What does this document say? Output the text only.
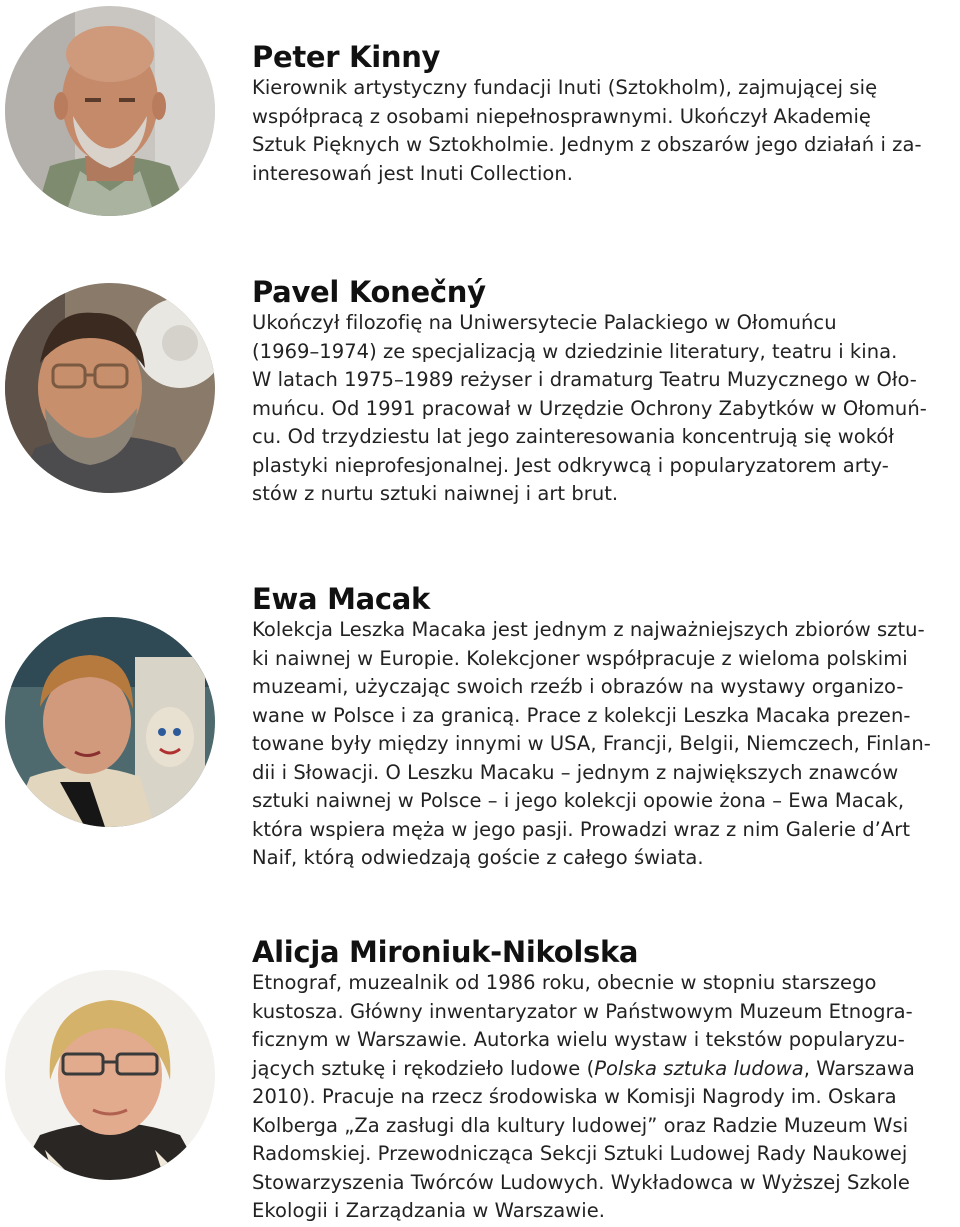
Peter Kinny

Kierownik artystyczny fundacji Inuti (Sztokholm), zajmującej się
współpracą z osobami niepełnosprawnymi. Ukończył Akademię
Sztuk Pięknych w Sztokholmie. Jednym z obszarów jego działań i za-
interesowań jest Inuti Collection.

Pavel Konečný

Ukończył filozofię na Uniwersytecie Palackiego w Ołomuńcu
(1969–1974) ze specjalizacją w dziedzinie literatury, teatru i kina.
W latach 1975–1989 reżyser i dramaturg Teatru Muzycznego w Oło-
muńcu. Od 1991 pracował w Urzędzie Ochrony Zabytków w Ołomuń-
cu. Od trzydziestu lat jego zainteresowania koncentrują się wokół
plastyki nieprofesjonalnej. Jest odkrywcą i popularyzatorem arty-
stów z nurtu sztuki naiwnej i art brut.

Ewa Macak

Kolekcja Leszka Macaka jest jednym z najważniejszych zbiorów sztu-
ki naiwnej w Europie. Kolekcjoner współpracuje z wieloma polskimi
muzeami, użyczając swoich rzeźb i obrazów na wystawy organizo-
wane w Polsce i za granicą. Prace z kolekcji Leszka Macaka prezen-
towane były między innymi w USA, Francji, Belgii, Niemczech, Finlan-
dii i Słowacji. O Leszku Macaku – jednym z największych znawców
sztuki naiwnej w Polsce – i jego kolekcji opowie żona – Ewa Macak,
która wspiera męża w jego pasji. Prowadzi wraz z nim Galerie d’Art
Naif, którą odwiedzają goście z całego świata.

Alicja Mironiuk-Nikolska

Etnograf, muzealnik od 1986 roku, obecnie w stopniu starszego
kustosza. Główny inwentaryzator w Państwowym Muzeum Etnogra-
ficznym w Warszawie. Autorka wielu wystaw i tekstów popularyzu-
jących sztukę i rękodzieło ludowe (Polska sztuka ludowa, Warszawa
2010). Pracuje na rzecz środowiska w Komisji Nagrody im. Oskara
Kolberga „Za zasługi dla kultury ludowej” oraz Radzie Muzeum Wsi
Radomskiej. Przewodnicząca Sekcji Sztuki Ludowej Rady Naukowej
Stowarzyszenia Twórców Ludowych. Wykładowca w Wyższej Szkole
Ekologii i Zarządzania w Warszawie.
